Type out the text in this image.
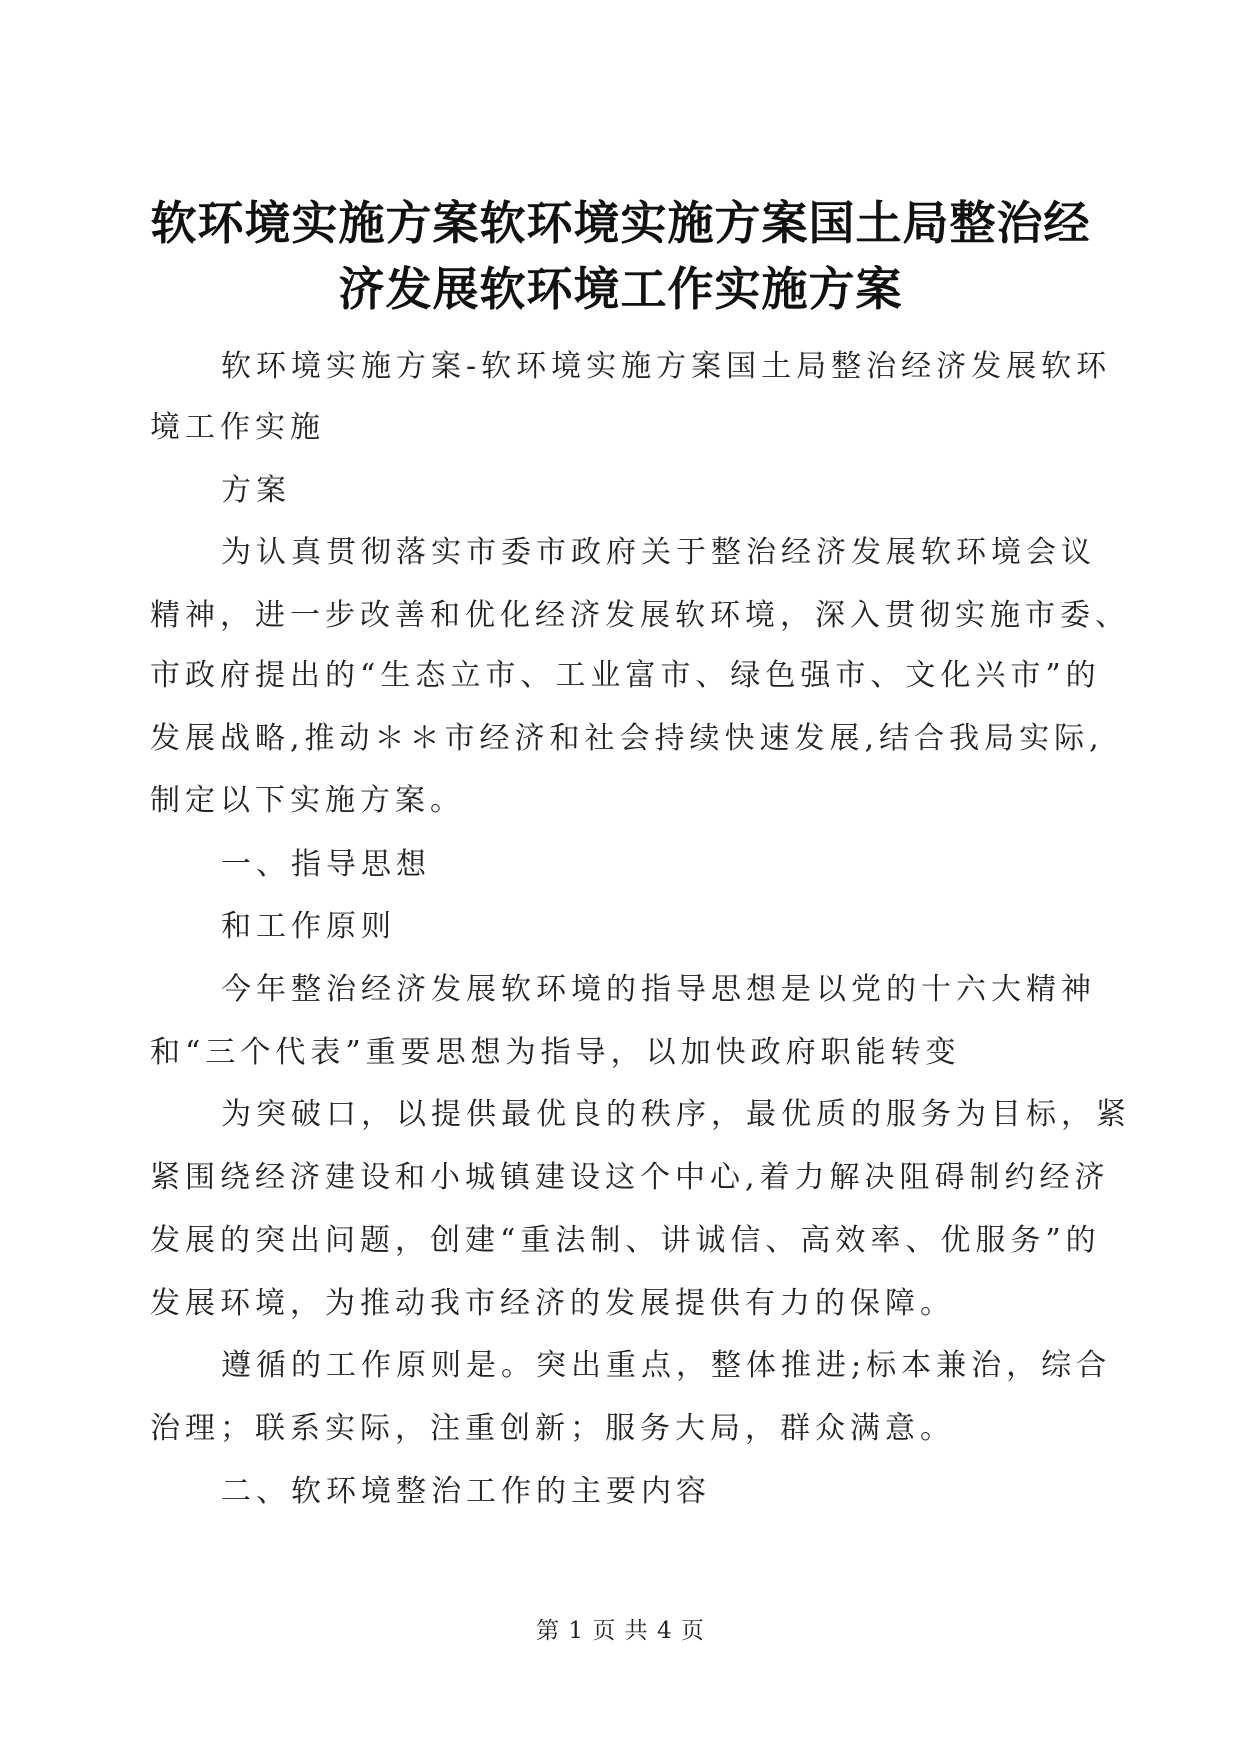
软环境实施方案软环境实施方案国土局整治经
济发展软环境工作实施方案
软环境实施方案-软环境实施方案国土局整治经济发展软环
境工作实施
方案
为认真贯彻落实市委市政府关于整治经济发展软环境会议
精神，进一步改善和优化经济发展软环境，深入贯彻实施市委、
市政府提出的“生态立市、工业富市、绿色强市、文化兴市”的
发展战略,推动＊＊市经济和社会持续快速发展,结合我局实际,
制定以下实施方案。
一、指导思想
和工作原则
今年整治经济发展软环境的指导思想是以党的十六大精神
和“三个代表”重要思想为指导，以加快政府职能转变
为突破口，以提供最优良的秩序，最优质的服务为目标，紧
紧围绕经济建设和小城镇建设这个中心,着力解决阻碍制约经济
发展的突出问题，创建“重法制、讲诚信、高效率、优服务”的
发展环境，为推动我市经济的发展提供有力的保障。
遵循的工作原则是。突出重点，整体推进;标本兼治，综合
治理；联系实际，注重创新；服务大局，群众满意。
二、软环境整治工作的主要内容
第 1 页 共 4 页
